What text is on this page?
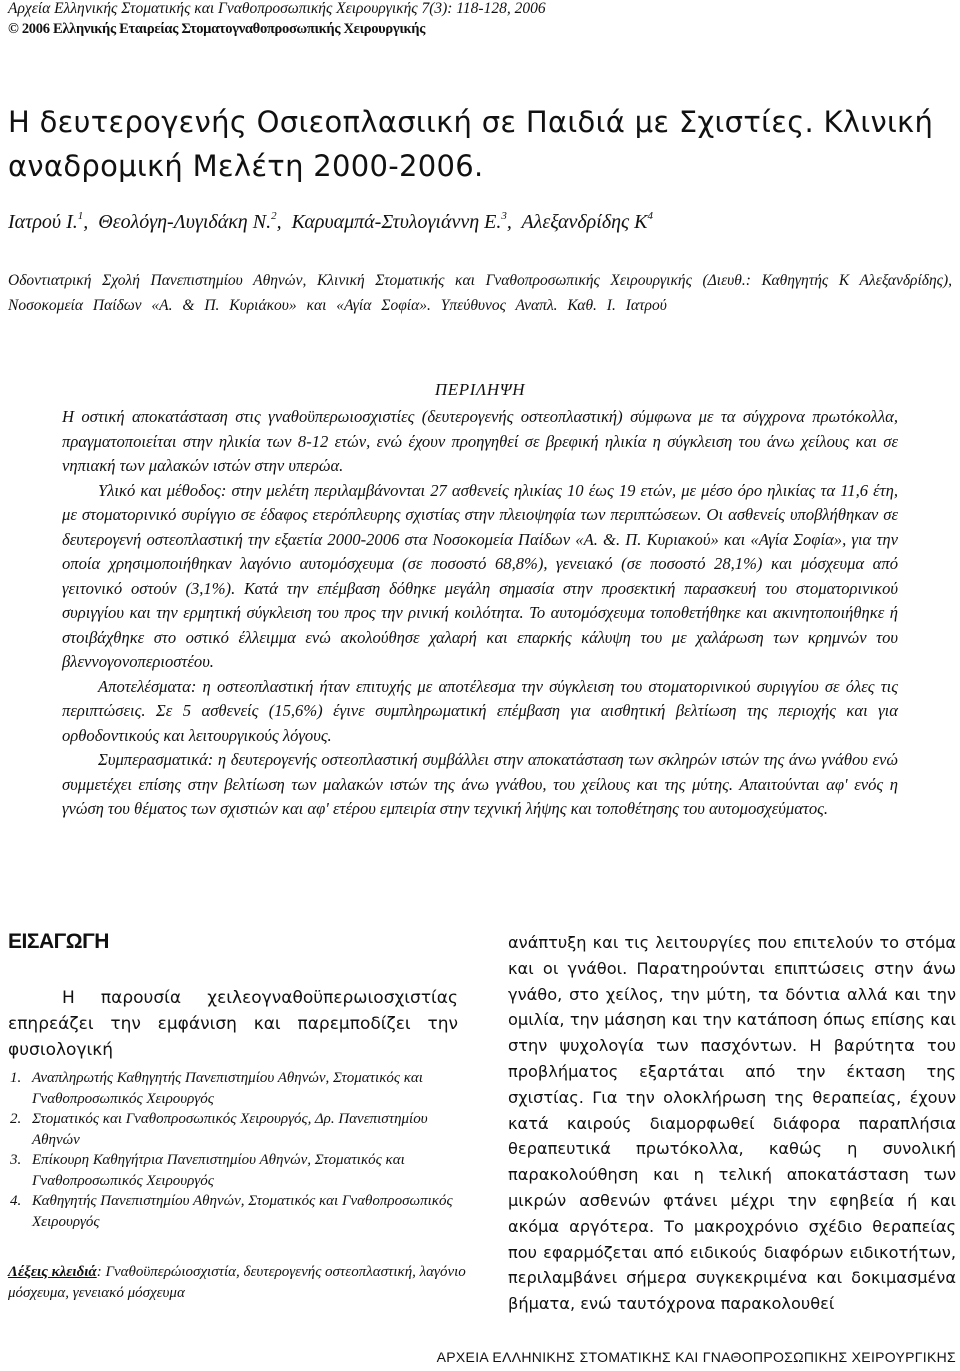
Αρχεία Ελληνικής Στοματικής και Γναθοπροσωπικής Χειρουργικής 7(3): 118-128, 2006
© 2006 Ελληνικής Εταιρείας Στοματογναθοπροσωπικής Χειρουργικής
Η δευτερογενής Οσιεοπλασιική σε Παιδιά με Σχιστίες. Κλινική αναδρομική Μελέτη 2000-2006.
Ιατρού Ι.$^1$,  Θεολόγη-Λυγιδάκη Ν.$^2$,  Καρυαμπά-Στυλογιάννη Ε.$^3$,  Αλεξανδρίδης $K^4$
Οδοντιατρική Σχολή Πανεπιστημίου Αθηνών, Κλινική Στοματικής και Γναθοπροσωπικής Χειρουργικής (Διευθ.: Καθηγητής Κ Αλεξανδρίδης), Νοσοκομεία Παίδων «Α. & Π. Κυριάκου» και «Αγία Σοφία». Υπεύθυνος Αναπλ. Καθ. Ι. Ιατρού
ΠΕΡΙΛΗΨΗ

Η οστική αποκατάσταση στις γναθοϋπερωιοσχιστίες (δευτερογενής οστεοπλαστική) σύμφωνα με τα σύγχρονα πρωτόκολλα, πραγματοποιείται στην ηλικία των 8-12 ετών, ενώ έχουν προηγηθεί σε βρεφική ηλικία η σύγκλειση του άνω χείλους και σε νηπιακή των μαλακών ιστών στην υπερώα.

Υλικό και μέθοδος: στην μελέτη περιλαμβάνονται 27 ασθενείς ηλικίας 10 έως 19 ετών, με μέσο όρο ηλικίας τα 11,6 έτη, με στοματορινικό συρίγγιο σε έδαφος ετερόπλευρης σχιστίας στην πλειοψηφία των περιπτώσεων. Οι ασθενείς υποβλήθηκαν σε δευτερογενή οστεοπλαστική την εξαετία 2000-2006 στα Νοσοκομεία Παίδων «Α. &. Π. Κυριακού» και «Αγία Σοφία», για την οποία χρησιμοποιήθηκαν λαγόνιο αυτομόσχευμα (σε ποσοστό 68,8%), γενειακό (σε ποσοστό 28,1%) και μόσχευμα από γειτονικό οστούν (3,1%). Κατά την επέμβαση δόθηκε μεγάλη σημασία στην προσεκτική παρασκευή του στοματορινικού συριγγίου και την ερμητική σύγκλειση του προς την ρινική κοιλότητα. Το αυτομόσχευμα τοποθετήθηκε και ακινητοποιήθηκε ή στοιβάχθηκε στο οστικό έλλειμμα ενώ ακολούθησε χαλαρή και επαρκής κάλυψη του με χαλάρωση των κρημνών του βλεννογονοπεριοστέου.

Αποτελέσματα: η οστεοπλαστική ήταν επιτυχής με αποτέλεσμα την σύγκλειση του στοματορινικού συριγγίου σε όλες τις περιπτώσεις. Σε 5 ασθενείς (15,6%) έγινε συμπληρωματική επέμβαση για αισθητική βελτίωση της περιοχής και για ορθοδοντικούς και λειτουργικούς λόγους.

Συμπερασματικά: η δευτερογενής οστεοπλαστική συμβάλλει στην αποκατάσταση των σκληρών ιστών της άνω γνάθου ενώ συμμετέχει επίσης στην βελτίωση των μαλακών ιστών της άνω γνάθου, του χείλους και της μύτης. Απαιτούνται αφ' ενός η γνώση του θέματος των σχιστιών και αφ' ετέρου εμπειρία στην τεχνική λήψης και τοποθέτησης του αυτομοσχεύματος.

ΕΙΣΑΓΩΓΗ
Η παρουσία χειλεογναθοϋπερωιοσχιστίας επηρεάζει την εμφάνιση και παρεμποδίζει την φυσιολογική
1. Αναπληρωτής Καθηγητής Πανεπιστημίου Αθηνών, Στοματικός και Γναθοπροσωπικός Χειρουργός
2. Στοματικός και Γναθοπροσωπικός Χειρουργός, Δρ. Πανεπιστημίου Αθηνών
3. Επίκουρη Καθηγήτρια Πανεπιστημίου Αθηνών, Στοματικός και Γναθοπροσωπικός Χειρουργός
4. Καθηγητής Πανεπιστημίου Αθηνών, Στοματικός και Γναθοπροσωπικός Χειρουργός
Λέξεις κλειδιά: Γναθοϋπερώιοσχιστία, δευτερογενής οστεοπλαστική, λαγόνιο μόσχευμα, γενειακό μόσχευμα
ανάπτυξη και τις λειτουργίες που επιτελούν το στόμα και οι γνάθοι. Παρατηρούνται επιπτώσεις στην άνω γνάθο, στο χείλος, την μύτη, τα δόντια αλλά και την ομιλία, την μάσηση και την κατάποση όπως επίσης και στην ψυχολογία των πασχόντων. Η βαρύτητα του προβλήματος εξαρτάται από την έκταση της σχιστίας. Για την ολοκλήρωση της θεραπείας, έχουν κατά καιρούς διαμορφωθεί διάφορα παραπλήσια θεραπευτικά πρωτόκολλα, καθώς η συνολική παρακολούθηση και η τελική αποκατάσταση των μικρών ασθενών φτάνει μέχρι την εφηβεία ή και ακόμα αργότερα. Το μακροχρόνιο σχέδιο θεραπείας που εφαρμόζεται από ειδικούς διαφόρων ειδικοτήτων, περιλαμβάνει σήμερα συγκεκριμένα και δοκιμασμένα βήματα, ενώ ταυτόχρονα παρακολουθεί
ΑΡΧΕΙΑ ΕΛΛΗΝΙΚΗΣ ΣΤΟΜΑΤΙΚΗΣ ΚΑΙ ΓΝΑΘΟΠΡΟΣΩΠΙΚΗΣ ΧΕΙΡΟΥΡΓΙΚΗΣ
